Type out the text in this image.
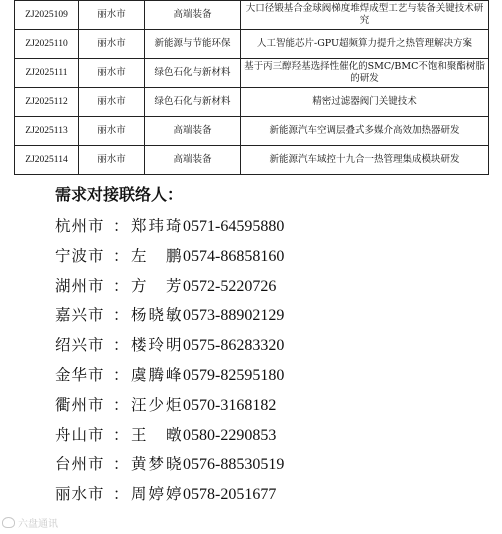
ZJ2025109	丽水市	高端装备	大口径锻基合金球阀梯度堆焊成型工艺与装备关键技术研究
ZJ2025110	丽水市	新能源与节能环保	人工智能芯片-GPU超频算力提升之热管理解决方案
ZJ2025111	丽水市	绿色石化与新材料	基于丙三醇羟基选择性催化的SMC/BMC不饱和聚酯树脂的研发
ZJ2025112	丽水市	绿色石化与新材料	精密过滤器阀门关键技术
ZJ2025113	丽水市	高端装备	新能源汽车空调层叠式多媒介高效加热器研发
ZJ2025114	丽水市	高端装备	新能源汽车域控十九合一热管理集成模块研发
需求对接联络人：
杭州市 ： 郑玮琦0571-64595880
宁波市 ： 左　鹏0574-86858160
湖州市 ： 方　芳0572-5220726
嘉兴市 ： 杨晓敏0573-88902129
绍兴市 ： 楼玲明0575-86283320
金华市 ： 虞腾峰0579-82595180
衢州市 ： 汪少炬0570-3168182
舟山市 ： 王　暾0580-2290853
台州市 ： 黄梦晓0576-88530519
丽水市 ： 周婷婷0578-2051677
六盘通讯
